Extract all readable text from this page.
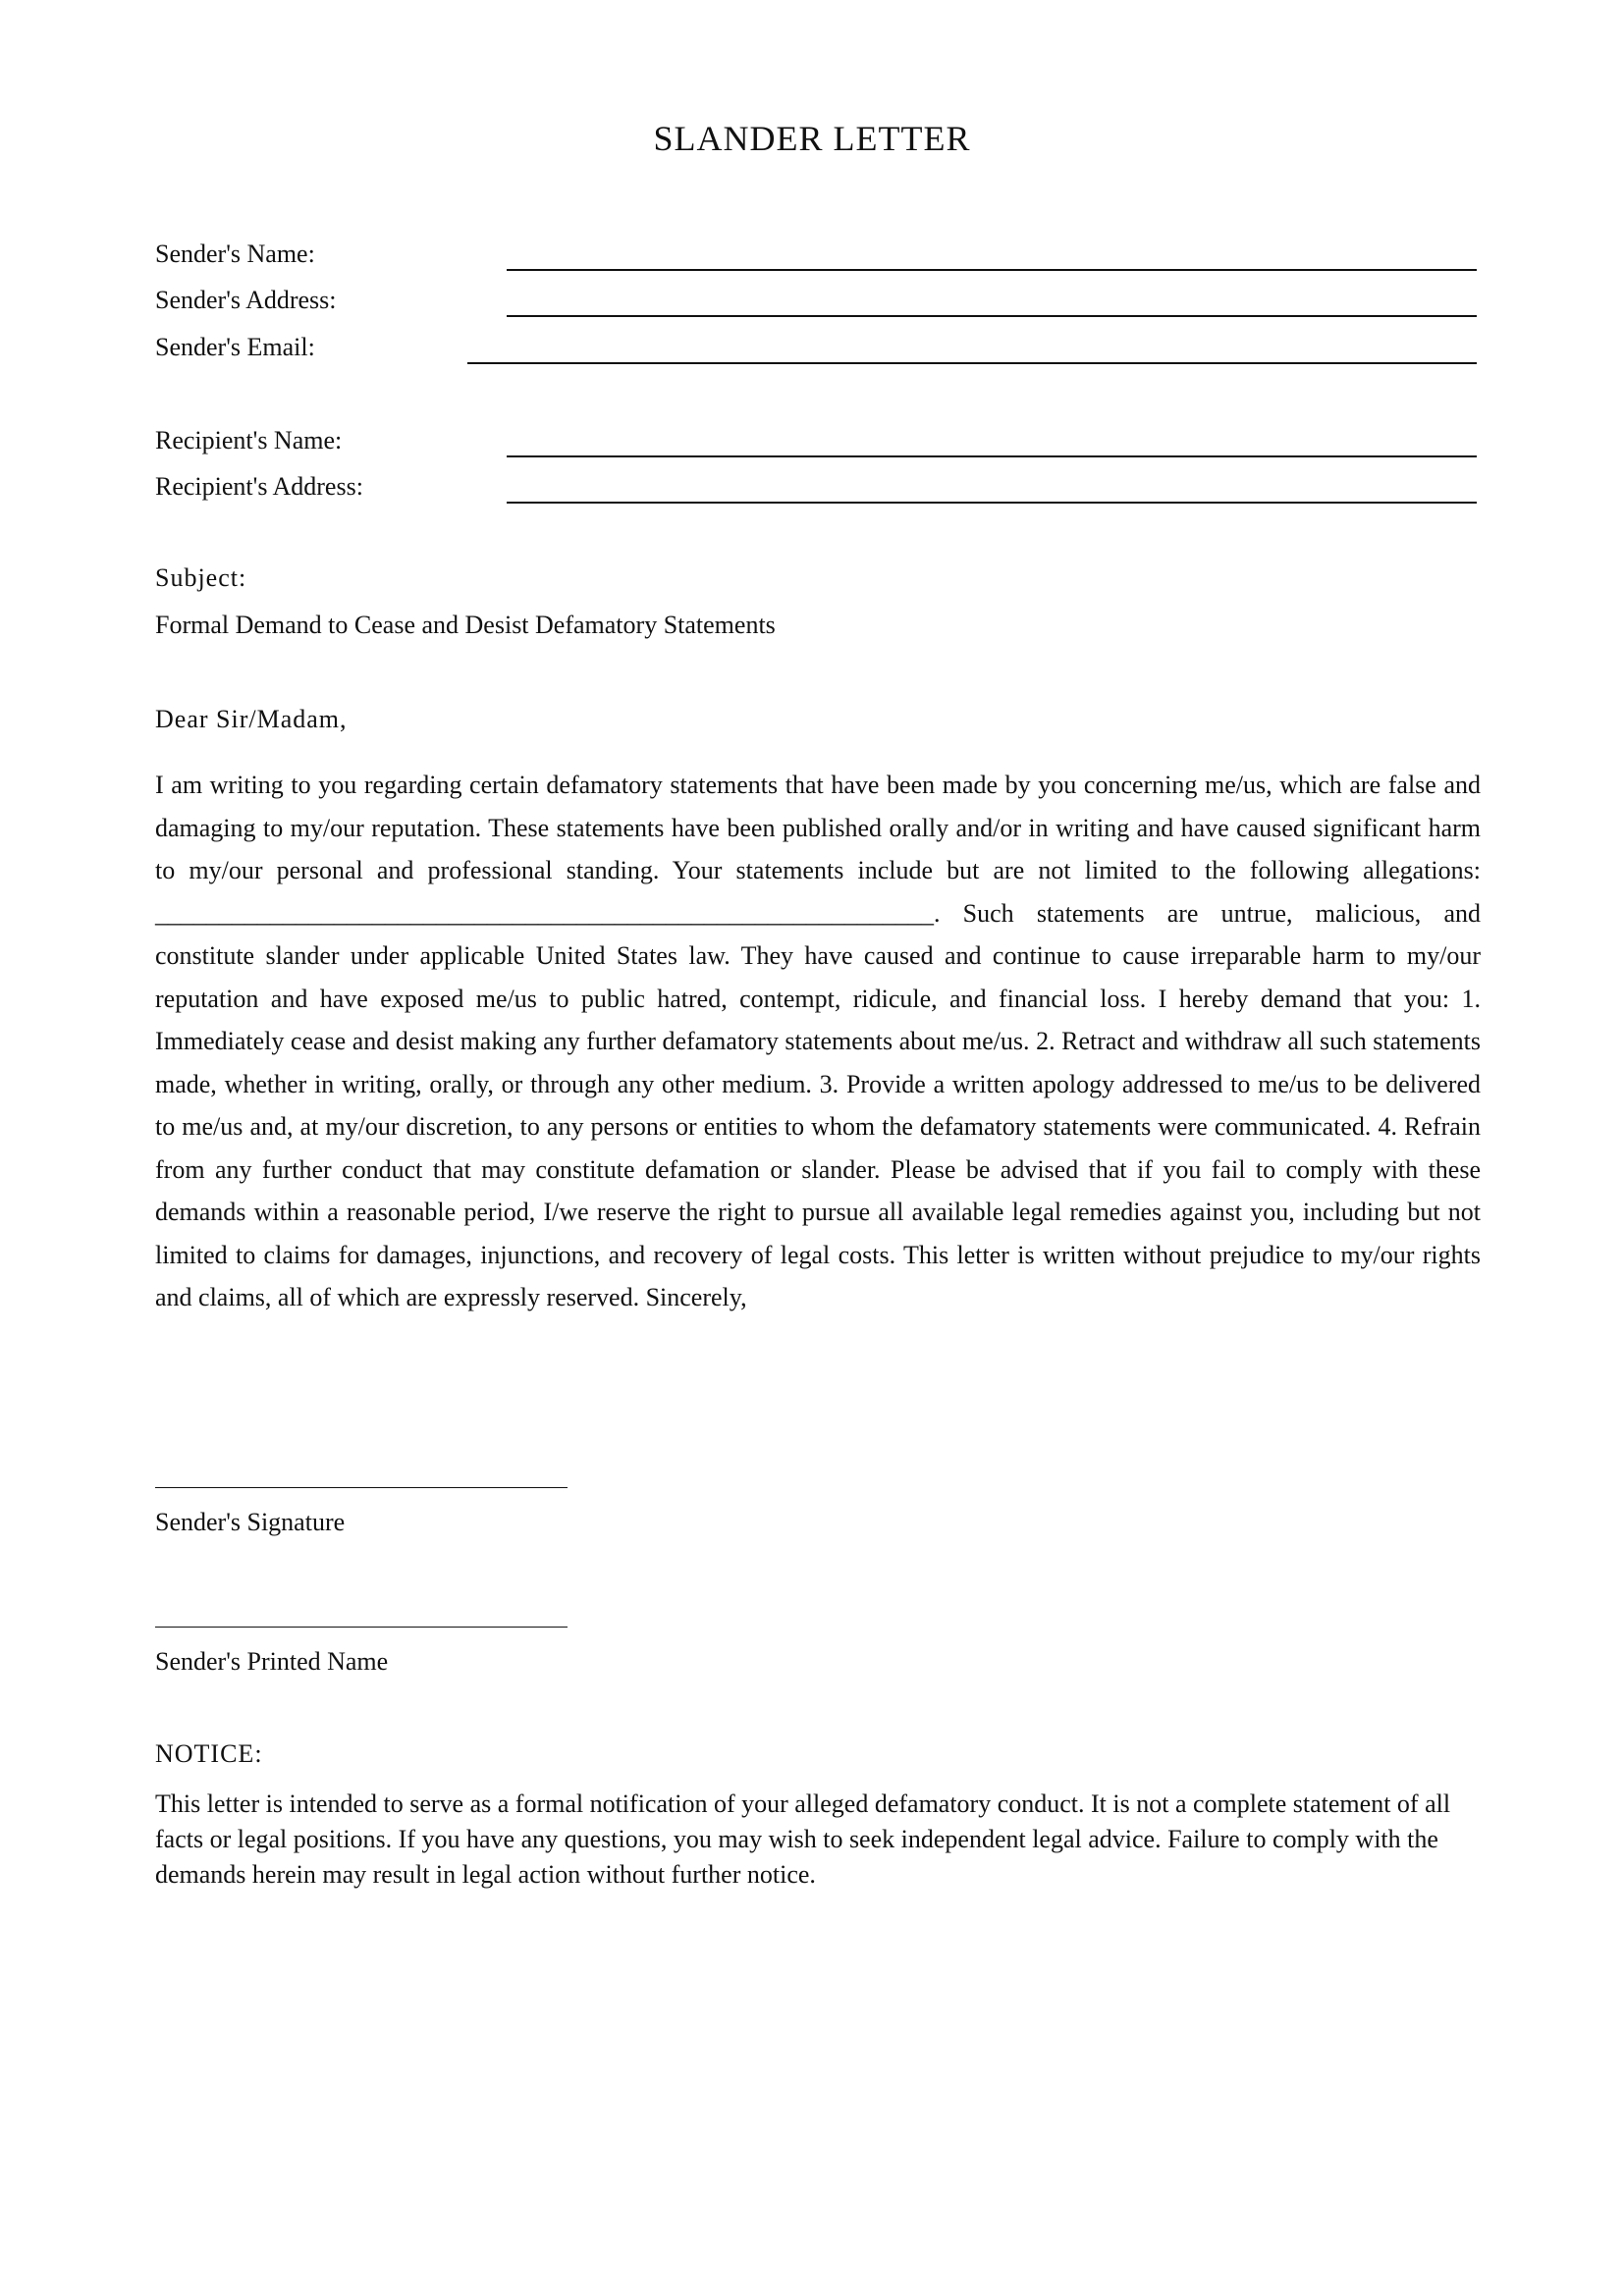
SLANDER LETTER

Sender's Name:

Sender's Address:

Sender's Email:

Recipient's Name:

Recipient's Address:

Subject:

Formal Demand to Cease and Desist Defamatory Statements

Dear Sir/Madam,

I am writing to you regarding certain defamatory statements that have been made by you concerning me/us, which are false and damaging to my/our reputation. These statements have been published orally and/or in writing and have caused significant harm to my/our personal and professional standing. Your statements include but are not limited to the following allegations: _____________________________________________________________. Such statements are untrue, malicious, and constitute slander under applicable United States law. They have caused and continue to cause irreparable harm to my/our reputation and have exposed me/us to public hatred, contempt, ridicule, and financial loss. I hereby demand that you: 1. Immediately cease and desist making any further defamatory statements about me/us. 2. Retract and withdraw all such statements made, whether in writing, orally, or through any other medium. 3. Provide a written apology addressed to me/us to be delivered to me/us and, at my/our discretion, to any persons or entities to whom the defamatory statements were communicated. 4. Refrain from any further conduct that may constitute defamation or slander. Please be advised that if you fail to comply with these demands within a reasonable period, I/we reserve the right to pursue all available legal remedies against you, including but not limited to claims for damages, injunctions, and recovery of legal costs. This letter is written without prejudice to my/our rights and claims, all of which are expressly reserved. Sincerely,

Sender's Signature

Sender's Printed Name

NOTICE:

This letter is intended to serve as a formal notification of your alleged defamatory conduct. It is not a complete statement of all facts or legal positions. If you have any questions, you may wish to seek independent legal advice. Failure to comply with the demands herein may result in legal action without further notice.
